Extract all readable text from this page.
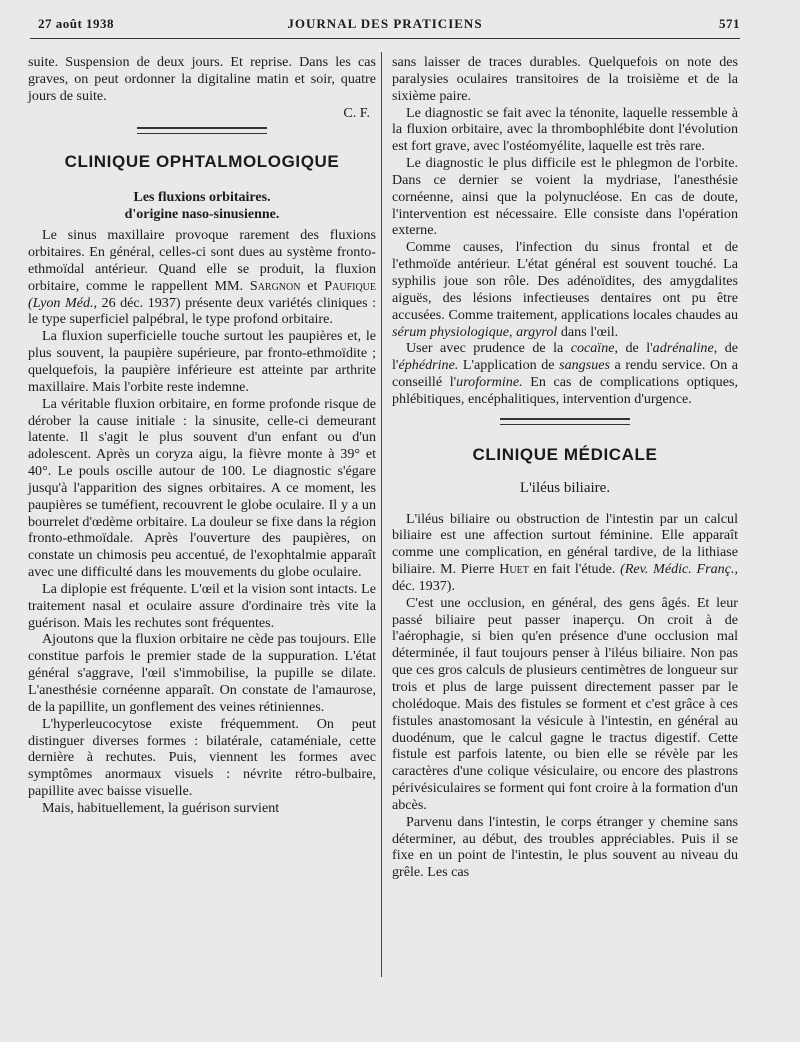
27 août 1938	JOURNAL DES PRATICIENS	571

suite. Suspension de deux jours. Et reprise. Dans les cas graves, on peut ordonner la digitaline matin et soir, quatre jours de suite.

C. F.

CLINIQUE OPHTALMOLOGIQUE
Les fluxions orbitaires.
d'origine naso-sinusienne.

Le sinus maxillaire provoque rarement des fluxions orbitaires. En général, celles-ci sont dues au système fronto-ethmoïdal antérieur. Quand elle se produit, la fluxion orbitaire, comme le rappellent MM. Sargnon et Paufique (Lyon Méd., 26 déc. 1937) présente deux variétés cliniques : le type superficiel palpébral, le type profond orbitaire.

La fluxion superficielle touche surtout les paupières et, le plus souvent, la paupière supérieure, par fronto-ethmoïdite ; quelquefois, la paupière inférieure est atteinte par arthrite maxillaire. Mais l'orbite reste indemne.

La véritable fluxion orbitaire, en forme profonde risque de dérober la cause initiale : la sinusite, celle-ci demeurant latente. Il s'agit le plus souvent d'un enfant ou d'un adolescent. Après un coryza aigu, la fièvre monte à 39° et 40°. Le pouls oscille autour de 100. Le diagnostic s'égare jusqu'à l'apparition des signes orbitaires. A ce moment, les paupières se tuméfient, recouvrent le globe oculaire. Il y a un bourrelet d'œdème orbitaire. La douleur se fixe dans la région fronto-ethmoïdale. Après l'ouverture des paupières, on constate un chimosis peu accentué, de l'exophtalmie apparaît avec une difficulté dans les mouvements du globe oculaire.

La diplopie est fréquente. L'œil et la vision sont intacts. Le traitement nasal et oculaire assure d'ordinaire très vite la guérison. Mais les rechutes sont fréquentes.

Ajoutons que la fluxion orbitaire ne cède pas toujours. Elle constitue parfois le premier stade de la suppuration. L'état général s'aggrave, l'œil s'immobilise, la pupille se dilate. L'anesthésie cornéenne apparaît. On constate de l'amaurose, de la papillite, un gonflement des veines rétiniennes.

L'hyperleucocytose existe fréquemment. On peut distinguer diverses formes : bilatérale, cataméniale, cette dernière à rechutes. Puis, viennent les formes avec symptômes anormaux visuels : névrite rétro-bulbaire, papillite avec baisse visuelle.

Mais, habituellement, la guérison survient

sans laisser de traces durables. Quelquefois on note des paralysies oculaires transitoires de la troisième et de la sixième paire.

Le diagnostic se fait avec la ténonite, laquelle ressemble à la fluxion orbitaire, avec la thrombophlébite dont l'évolution est fort grave, avec l'ostéomyélite, laquelle est très rare.

Le diagnostic le plus difficile est le phlegmon de l'orbite. Dans ce dernier se voient la mydriase, l'anesthésie cornéenne, ainsi que la polynucléose. En cas de doute, l'intervention est nécessaire. Elle consiste dans l'opération externe.

Comme causes, l'infection du sinus frontal et de l'ethmoïde antérieur. L'état général est souvent touché. La syphilis joue son rôle. Des adénoïdites, des amygdalites aiguës, des lésions infectieuses dentaires ont pu être accusées. Comme traitement, applications locales chaudes au sérum physiologique, argyrol dans l'œil.

User avec prudence de la cocaïne, de l'adrénaline, de l'éphédrine. L'application de sangsues a rendu service. On a conseillé l'uroformine. En cas de complications optiques, phlébitiques, encéphalitiques, intervention d'urgence.

CLINIQUE MÉDICALE
L'iléus biliaire.

L'iléus biliaire ou obstruction de l'intestin par un calcul biliaire est une affection surtout féminine. Elle apparaît comme une complication, en général tardive, de la lithiase biliaire. M. Pierre Huet en fait l'étude. (Rev. Médic. Franç., déc. 1937).

C'est une occlusion, en général, des gens âgés. Et leur passé biliaire peut passer inaperçu. On croit à de l'aérophagie, si bien qu'en présence d'une occlusion mal déterminée, il faut toujours penser à l'iléus biliaire. Non pas que ces gros calculs de plusieurs centimètres de longueur sur trois et plus de large puissent directement passer par le cholédoque. Mais des fistules se forment et c'est grâce à ces fistules anastomosant la vésicule à l'intestin, en général au duodénum, que le calcul gagne le tractus digestif. Cette fistule est parfois latente, ou bien elle se révèle par les caractères d'une colique vésiculaire, ou encore des plastrons périvésiculaires se forment qui font croire à la formation d'un abcès.

Parvenu dans l'intestin, le corps étranger y chemine sans déterminer, au début, des troubles appréciables. Puis il se fixe en un point de l'intestin, le plus souvent au niveau du grêle. Les cas
